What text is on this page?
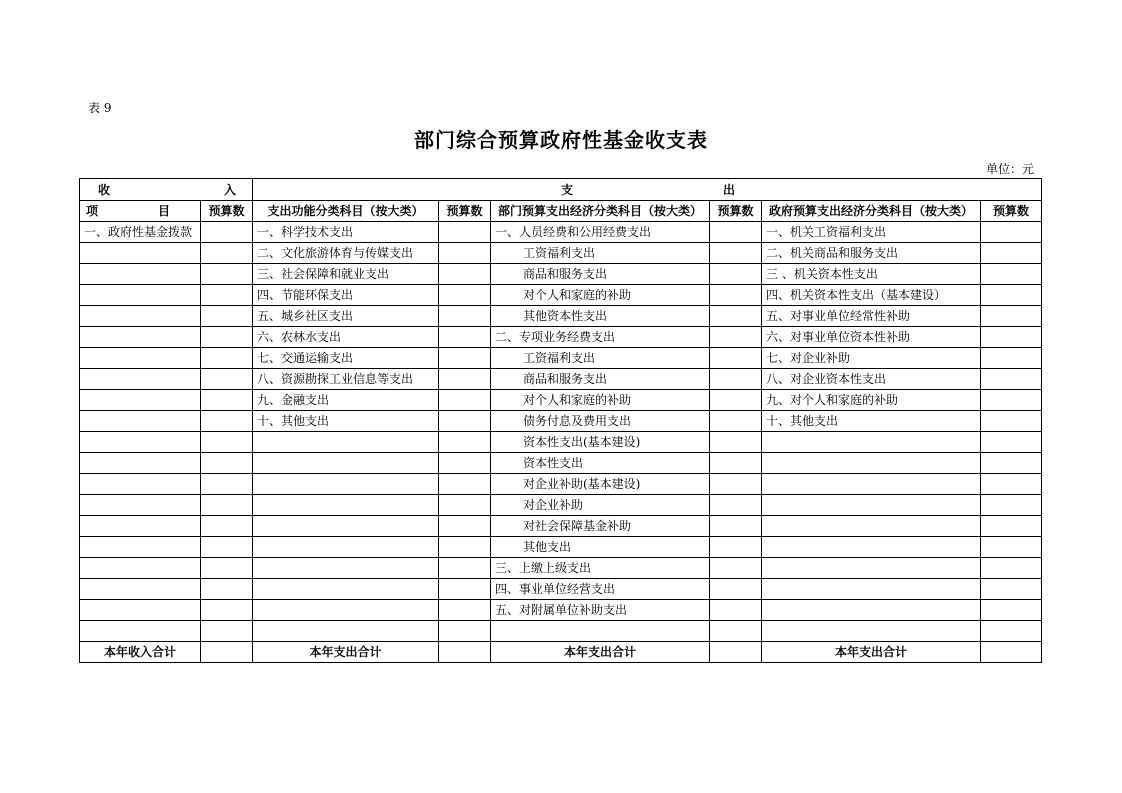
表 9
部门综合预算政府性基金收支表
单位：元
收 入		支 出					

项　目	预算数	支出功能分类科目（按大类）	预算数	部门预算支出经济分类科目（按大类）	预算数	政府预算支出经济分类科目（按大类）	预算数
一、政府性基金拨款		一、科学技术支出		一、人员经费和公用经费支出		一、机关工资福利支出	
		二、文化旅游体育与传媒支出		工资福利支出		二、机关商品和服务支出	
		三、社会保障和就业支出		商品和服务支出		三 、机关资本性支出	
		四、节能环保支出		对个人和家庭的补助		四、机关资本性支出（基本建设）	
		五、城乡社区支出		其他资本性支出		五、对事业单位经常性补助	
		六、农林水支出		二、专项业务经费支出		六、对事业单位资本性补助	
		七、交通运输支出		工资福利支出		七、对企业补助	
		八、资源勘探工业信息等支出		商品和服务支出		八、对企业资本性支出	
		九、金融支出		对个人和家庭的补助		九、对个人和家庭的补助	
		十、其他支出		债务付息及费用支出		十、其他支出	
				资本性支出(基本建设)			
				资本性支出			
				对企业补助(基本建设)			
				对企业补助			
				对社会保障基金补助			
				其他支出			
				三、上缴上级支出			
				四、事业单位经营支出			
				五、对附属单位补助支出			

本年收入合计		本年支出合计		本年支出合计		本年支出合计	
